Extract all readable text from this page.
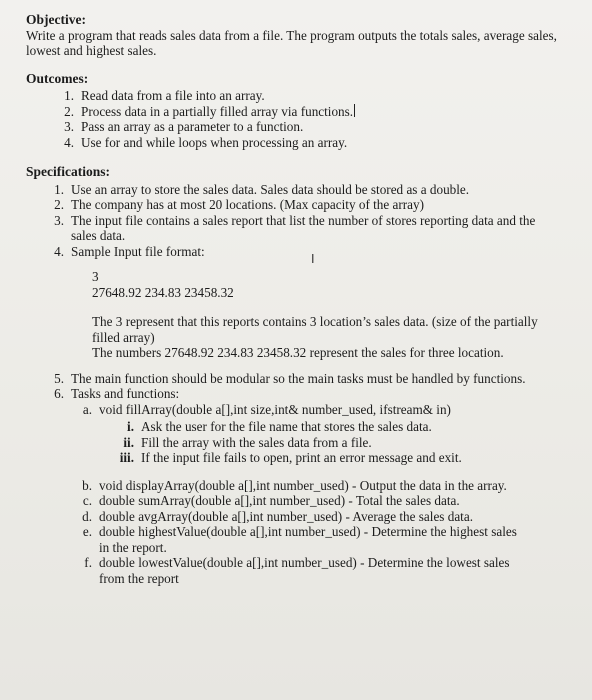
Objective:

Write a program that reads sales data from a file. The program outputs the totals sales, average sales, lowest and highest sales.

Outcomes:

1. Read data from a file into an array.
2. Process data in a partially filled array via functions.
3. Pass an array as a parameter to a function.
4. Use for and while loops when processing an array.

Specifications:

1. Use an array to store the sales data. Sales data should be stored as a double.
2. The company has at most 20 locations. (Max capacity of the array)
3. The input file contains a sales report that list the number of stores reporting data and the sales data.
4. Sample Input file format:

3

27648.92 234.83 23458.32

The 3 represent that this reports contains 3 location’s sales data. (size of the partially filled array)

The numbers 27648.92 234.83 23458.32 represent the sales for three location.

5. The main function should be modular so the main tasks must be handled by functions.
6. Tasks and functions:
a. void fillArray(double a[],int size,int& number_used, ifstream& in)
i. Ask the user for the file name that stores the sales data.
ii. Fill the array with the sales data from a file.
iii. If the input file fails to open, print an error message and exit.
b. void displayArray(double a[],int number_used) - Output the data in the array.
c. double sumArray(double a[],int number_used) - Total the sales data.
d. double avgArray(double a[],int number_used) - Average the sales data.
e. double highestValue(double a[],int number_used) - Determine the highest sales in the report.
f. double lowestValue(double a[],int number_used) - Determine the lowest sales from the report
I
